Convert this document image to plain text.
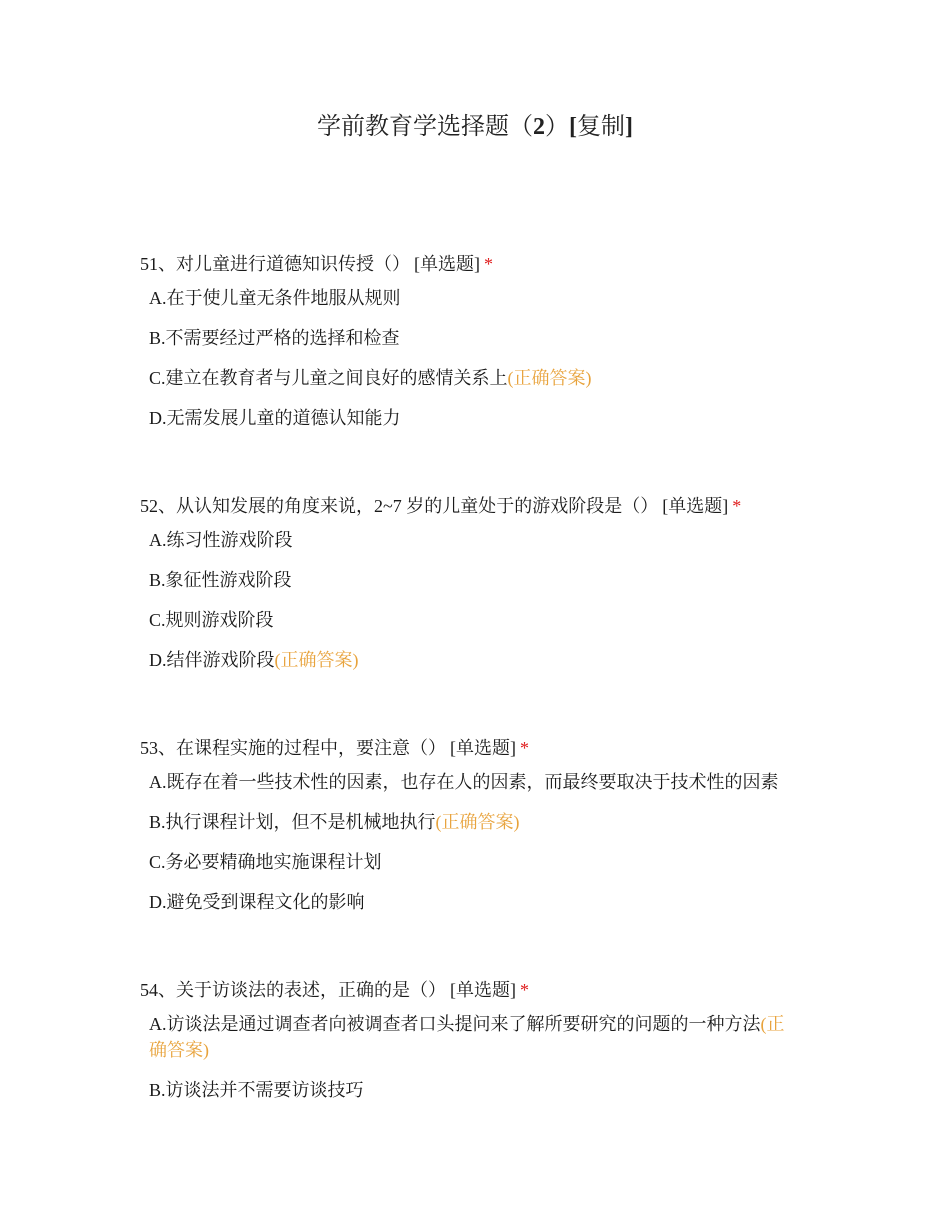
学前教育学选择题（2）[复制]
51、对儿童进行道德知识传授（） [单选题] *
A.在于使儿童无条件地服从规则
B.不需要经过严格的选择和检查
C.建立在教育者与儿童之间良好的感情关系上(正确答案)
D.无需发展儿童的道德认知能力
52、从认知发展的角度来说，2~7 岁的儿童处于的游戏阶段是（） [单选题] *
A.练习性游戏阶段
B.象征性游戏阶段
C.规则游戏阶段
D.结伴游戏阶段(正确答案)
53、在课程实施的过程中，要注意（） [单选题] *
A.既存在着一些技术性的因素，也存在人的因素，而最终要取决于技术性的因素
B.执行课程计划，但不是机械地执行(正确答案)
C.务必要精确地实施课程计划
D.避免受到课程文化的影响
54、关于访谈法的表述，正确的是（） [单选题] *
A.访谈法是通过调查者向被调查者口头提问来了解所要研究的问题的一种方法(正确答案)
B.访谈法并不需要访谈技巧
